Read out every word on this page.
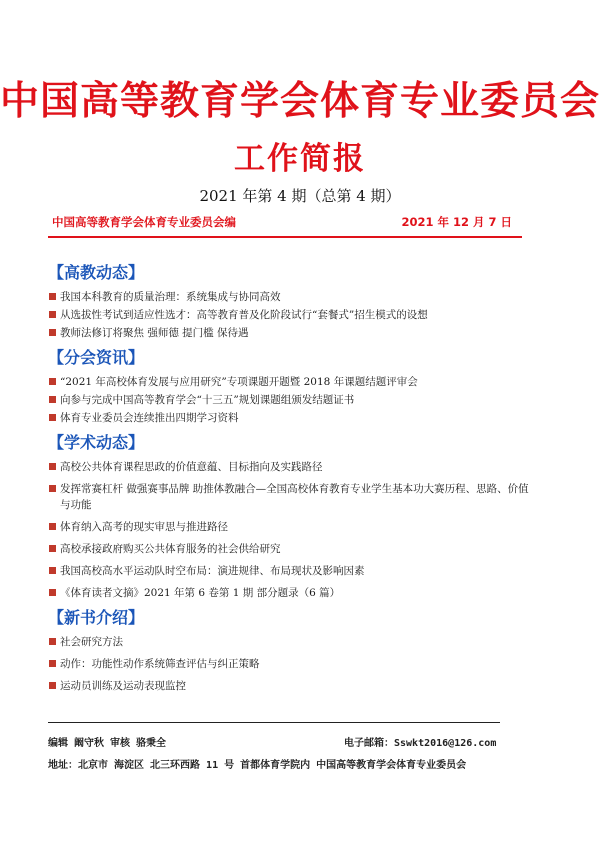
中国高等教育学会体育专业委员会
工作简报
2021 年第 4 期（总第 4 期）
中国高等教育学会体育专业委员会编	2021 年 12 月 7 日
【高教动态】
我国本科教育的质量治理：系统集成与协同高效
从选拔性考试到适应性选才：高等教育普及化阶段试行“套餐式”招生模式的设想
教师法修订将聚焦 强师德 提门槛 保待遇
【分会资讯】
“2021 年高校体育发展与应用研究”专项课题开题暨 2018 年课题结题评审会
向参与完成中国高等教育学会“十三五”规划课题组颁发结题证书
体育专业委员会连续推出四期学习资料
【学术动态】
高校公共体育课程思政的价值意蕴、目标指向及实践路径
发挥常赛杠杆 做强赛事品牌 助推体教融合—全国高校体育教育专业学生基本功大赛历程、思路、价值与功能
体育纳入高考的现实审思与推进路径
高校承接政府购买公共体育服务的社会供给研究
我国高校高水平运动队时空布局：演进规律、布局现状及影响因素
《体育读者文摘》2021 年第 6 卷第 1 期 部分题录（6 篇）
【新书介绍】
社会研究方法
动作：功能性动作系统筛查评估与纠正策略
运动员训练及运动表现监控
编辑 阚守秋 审核 骆秉全	电子邮箱：Sswkt2016@126.com
地址：北京市 海淀区 北三环西路 11 号 首都体育学院内 中国高等教育学会体育专业委员会
